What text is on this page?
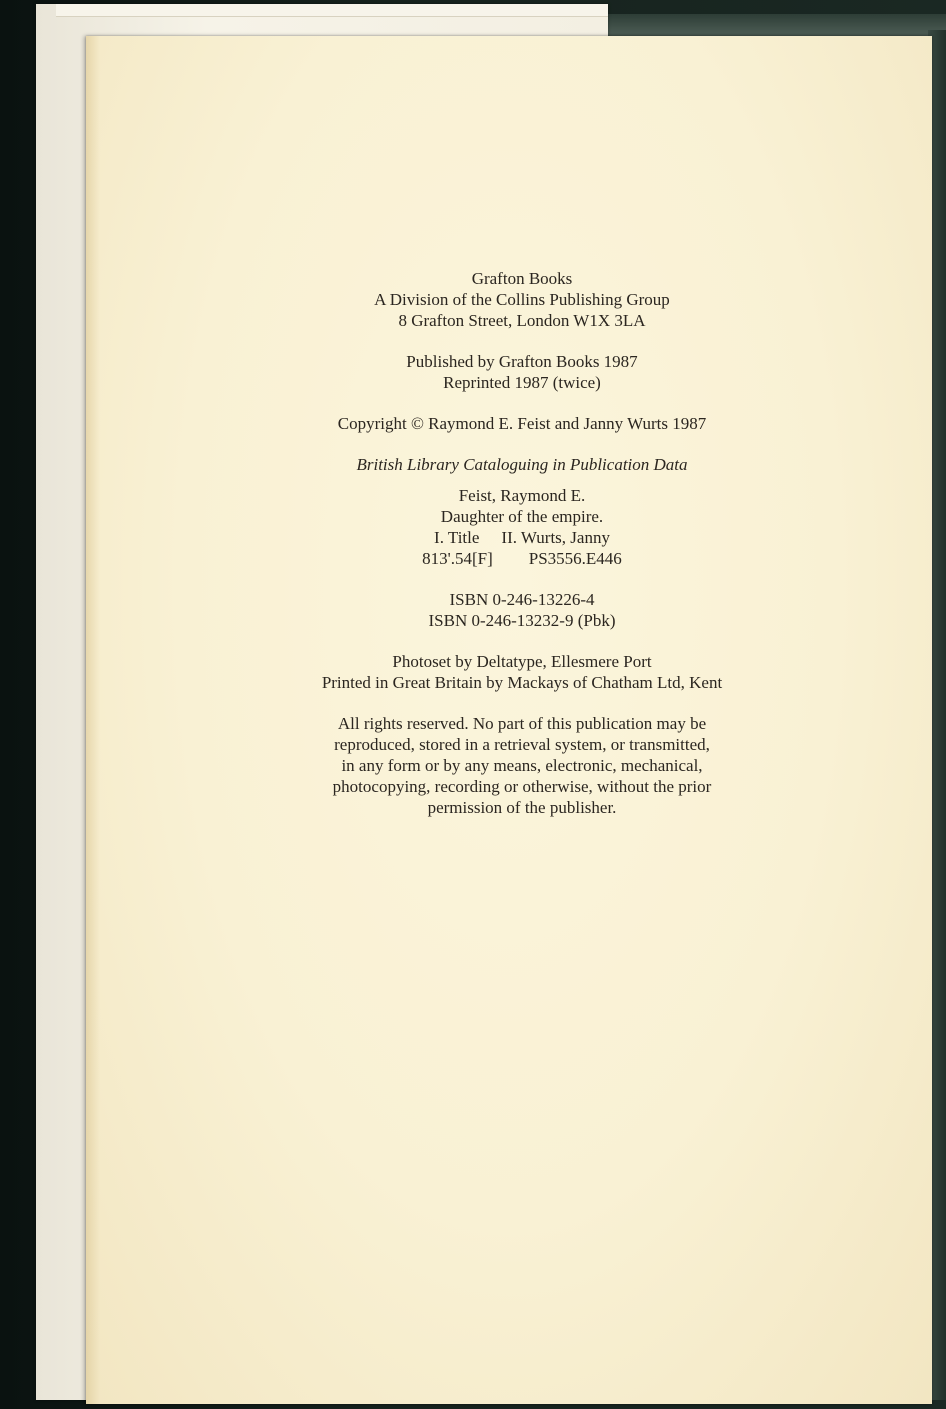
Grafton Books
A Division of the Collins Publishing Group
8 Grafton Street, London W1X 3LA
Published by Grafton Books 1987
Reprinted 1987 (twice)
Copyright © Raymond E. Feist and Janny Wurts 1987
British Library Cataloguing in Publication Data
Feist, Raymond E.
Daughter of the empire.
I. Title II. Wurts, Janny
813'.54[F] PS3556.E446
ISBN 0-246-13226-4
ISBN 0-246-13232-9 (Pbk)
Photoset by Deltatype, Ellesmere Port
Printed in Great Britain by Mackays of Chatham Ltd, Kent
All rights reserved. No part of this publication may be
reproduced, stored in a retrieval system, or transmitted,
in any form or by any means, electronic, mechanical,
photocopying, recording or otherwise, without the prior
permission of the publisher.
